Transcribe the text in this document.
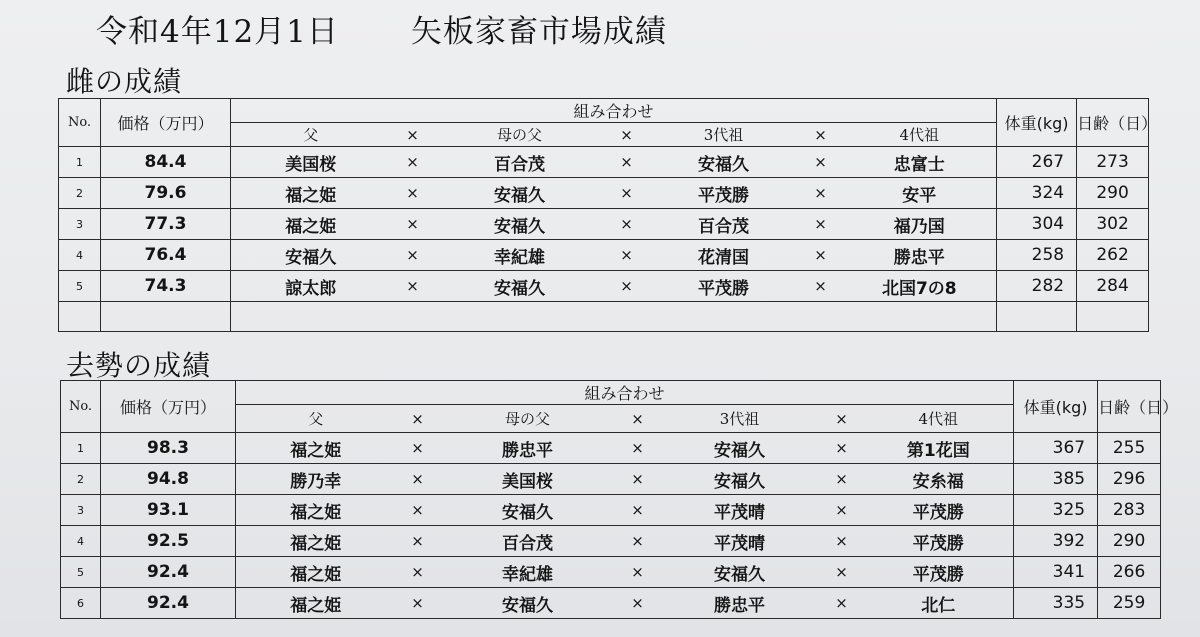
令和4年12月1日 矢板家畜市場成績
雌の成績
No.	価格（万円）	組み合わせ							体重(kg)	日齢（日）
		父	×	母の父	×	3代祖	×	4代祖		
1	84.4	美国桜	×	百合茂	×	安福久	×	忠富士	267	273
2	79.6	福之姫	×	安福久	×	平茂勝	×	安平	324	290
3	77.3	福之姫	×	安福久	×	百合茂	×	福乃国	304	302
4	76.4	安福久	×	幸紀雄	×	花清国	×	勝忠平	258	262
5	74.3	諒太郎	×	安福久	×	平茂勝	×	北国7の8	282	284

去勢の成績
No.	価格（万円）	組み合わせ							体重(kg)	日齢（日）
		父	×	母の父	×	3代祖	×	4代祖		
1	98.3	福之姫	×	勝忠平	×	安福久	×	第1花国	367	255
2	94.8	勝乃幸	×	美国桜	×	安福久	×	安糸福	385	296
3	93.1	福之姫	×	安福久	×	平茂晴	×	平茂勝	325	283
4	92.5	福之姫	×	百合茂	×	平茂晴	×	平茂勝	392	290
5	92.4	福之姫	×	幸紀雄	×	安福久	×	平茂勝	341	266
6	92.4	福之姫	×	安福久	×	勝忠平	×	北仁	335	259
